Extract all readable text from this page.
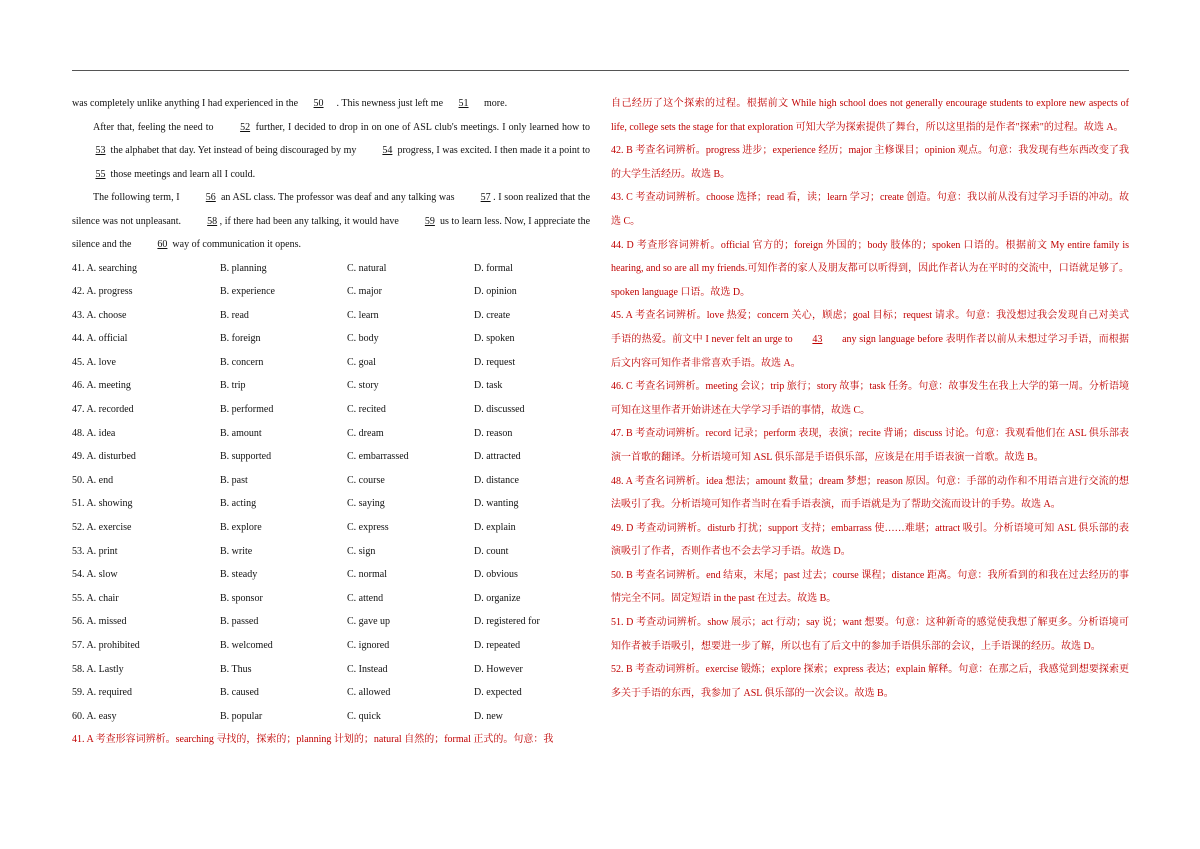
was completely unlike anything I had experienced in the 50 . This newness just left me 51 more.

After that, feeling the need to	52 further, I decided to drop in on one of ASL club's meetings. I only learned how to 53 the alphabet that day. Yet instead of being discouraged by my	54 progress, I was excited. I then made it a point to 55 those meetings and learn all I could.

The following term, I	56 an ASL class. The professor was deaf and any talking was	57 . I soon realized that the silence was not unpleasant.	58 , if there had been any talking, it would have	59 us to learn less. Now, I appreciate the silence and the	60 way of communication it opens.

41. A. searching	B. planning	C. natural	D. formal
42. A. progress	B. experience	C. major	D. opinion
43. A. choose	B. read	C. learn	D. create
44. A. official	B. foreign	C. body	D. spoken
45. A. love	B. concern	C. goal	D. request
46. A. meeting	B. trip	C. story	D. task
47. A. recorded	B. performed	C. recited	D. discussed
48. A. idea	B. amount	C. dream	D. reason
49. A. disturbed	B. supported	C. embarrassed	D. attracted
50. A. end	B. past	C. course	D. distance
51. A. showing	B. acting	C. saying	D. wanting
52. A. exercise	B. explore	C. express	D. explain
53. A. print	B. write	C. sign	D. count
54. A. slow	B. steady	C. normal	D. obvious
55. A. chair	B. sponsor	C. attend	D. organize
56. A. missed	B. passed	C. gave up	D. registered for
57. A. prohibited	B. welcomed	C. ignored	D. repeated
58. A. Lastly	B. Thus	C. Instead	D. However
59. A. required	B. caused	C. allowed	D. expected
60. A. easy	B. popular	C. quick	D. new

41. A 考查形容词辨析。searching 寻找的，探索的；planning 计划的；natural 自然的；formal 正式的。句意：我

自己经历了这个探索的过程。根据前文 While high school does not generally encourage students to explore new aspects of life, college sets the stage for that exploration 可知大学为探索提供了舞台，所以这里指的是作者"探索"的过程。故选 A。

42. B 考查名词辨析。progress 进步；experience 经历；major 主修课目；opinion 观点。句意：我发现有些东西改变了我的大学生活经历。故选 B。

43. C 考查动词辨析。choose 选择；read 看，读；learn 学习；create 创造。句意：我以前从没有过学习手语的冲动。故选 C。

44. D 考查形容词辨析。official 官方的；foreign 外国的；body 肢体的；spoken 口语的。根据前文 My entire family is hearing, and so are all my friends.可知作者的家人及朋友都可以听得到，因此作者认为在平时的交流中，口语就足够了。spoken language 口语。故选 D。

45. A 考查名词辨析。love 热爱；concern 关心，顾虑；goal 目标；request 请求。句意：我没想过我会发现自己对美式手语的热爱。前文中 I never felt an urge to 43 any sign language before 表明作者以前从未想过学习手语，而根据后文内容可知作者非常喜欢手语。故选 A。

46. C 考查名词辨析。meeting 会议；trip 旅行；story 故事；task 任务。句意：故事发生在我上大学的第一周。分析语境可知在这里作者开始讲述在大学学习手语的事情，故选 C。

47. B 考查动词辨析。record 记录；perform 表现，表演；recite 背诵；discuss 讨论。句意：我观看他们在 ASL 俱乐部表演一首歌的翻译。分析语境可知 ASL 俱乐部是手语俱乐部，应该是在用手语表演一首歌。故选 B。

48. A 考查名词辨析。idea 想法；amount 数量；dream 梦想；reason 原因。句意：手部的动作和不用语言进行交流的想法吸引了我。分析语境可知作者当时在看手语表演，而手语就是为了帮助交流而设计的手势。故选 A。

49. D 考查动词辨析。disturb 打扰；support 支持；embarrass 使……难堪；attract 吸引。分析语境可知 ASL 俱乐部的表演吸引了作者，否则作者也不会去学习手语。故选 D。

50. B 考查名词辨析。end 结束，末尾；past 过去；course 课程；distance 距离。句意：我所看到的和我在过去经历的事情完全不同。固定短语 in the past 在过去。故选 B。

51. D 考查动词辨析。show 展示；act 行动；say 说；want 想要。句意：这种新奇的感觉使我想了解更多。分析语境可知作者被手语吸引，想要进一步了解，所以也有了后文中的参加手语俱乐部的会议，上手语课的经历。故选 D。

52. B 考查动词辨析。exercise 锻炼；explore 探索；express 表达；explain 解释。句意：在那之后，我感觉到想要探索更多关于手语的东西，我参加了 ASL 俱乐部的一次会议。故选 B。
